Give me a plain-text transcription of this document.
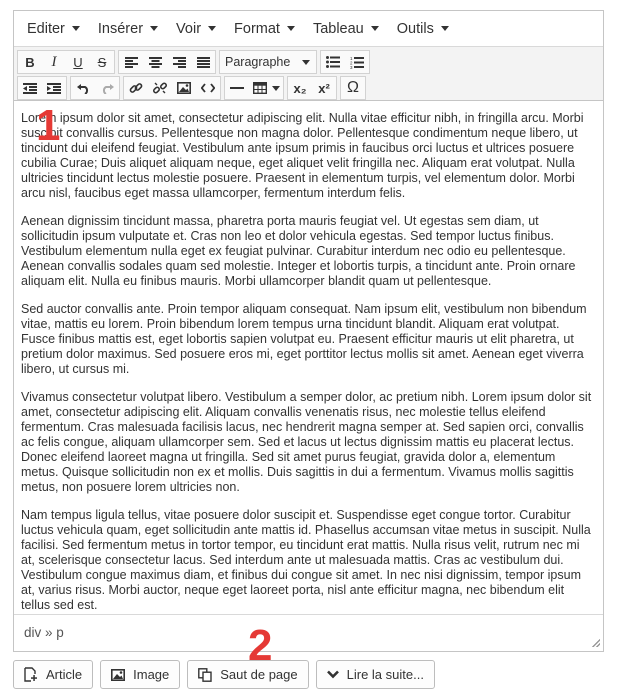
Editer Insérer Voir Format Tableau Outils
B I U S	Paragraphe	1
2
3
x₂ x² Ω

Lorem ipsum dolor sit amet, consectetur adipiscing elit. Nulla vitae efficitur nibh, in fringilla arcu. Morbi suscipit convallis cursus. Pellentesque non magna dolor. Pellentesque condimentum neque libero, ut tincidunt dui eleifend feugiat. Vestibulum ante ipsum primis in faucibus orci luctus et ultrices posuere cubilia Curae; Duis aliquet aliquam neque, eget aliquet velit fringilla nec. Aliquam erat volutpat. Nulla ultricies tincidunt lectus molestie posuere. Praesent in elementum turpis, vel elementum dolor. Morbi arcu nisl, faucibus eget massa ullamcorper, fermentum interdum felis.

Aenean dignissim tincidunt massa, pharetra porta mauris feugiat vel. Ut egestas sem diam, ut sollicitudin ipsum vulputate et. Cras non leo et dolor vehicula egestas. Sed tempor luctus finibus. Vestibulum elementum nulla eget ex feugiat pulvinar. Curabitur interdum nec odio eu pellentesque. Aenean convallis sodales quam sed molestie. Integer et lobortis turpis, a tincidunt ante. Proin ornare aliquam elit. Nulla eu finibus mauris. Morbi ullamcorper blandit quam ut pellentesque.

Sed auctor convallis ante. Proin tempor aliquam consequat. Nam ipsum elit, vestibulum non bibendum vitae, mattis eu lorem. Proin bibendum lorem tempus urna tincidunt blandit. Aliquam erat volutpat. Fusce finibus mattis est, eget lobortis sapien volutpat eu. Praesent efficitur mauris ut elit pharetra, ut pretium dolor maximus. Sed posuere eros mi, eget porttitor lectus mollis sit amet. Aenean eget viverra libero, ut cursus mi.

Vivamus consectetur volutpat libero. Vestibulum a semper dolor, ac pretium nibh. Lorem ipsum dolor sit amet, consectetur adipiscing elit. Aliquam convallis venenatis risus, nec molestie tellus eleifend fermentum. Cras malesuada facilisis lacus, nec hendrerit magna semper at. Sed sapien orci, convallis ac felis congue, aliquam ullamcorper sem. Sed et lacus ut lectus dignissim mattis eu placerat lectus. Donec eleifend laoreet magna ut fringilla. Sed sit amet purus feugiat, gravida dolor a, elementum metus. Quisque sollicitudin non ex et mollis. Duis sagittis in dui a fermentum. Vivamus mollis sagittis metus, non posuere lorem ultricies non.

Nam tempus ligula tellus, vitae posuere dolor suscipit et. Suspendisse eget congue tortor. Curabitur luctus vehicula quam, eget sollicitudin ante mattis id. Phasellus accumsan vitae metus in suscipit. Nulla facilisi. Sed fermentum metus in tortor tempor, eu tincidunt erat mattis. Nulla risus velit, rutrum nec mi at, scelerisque consectetur lacus. Sed interdum ante ut malesuada mattis. Cras ac vestibulum dui. Vestibulum congue maximus diam, et finibus dui congue sit amet. In nec nisi dignissim, tempor ipsum at, varius risus. Morbi auctor, neque eget laoreet porta, nisl ante efficitur magna, nec bibendum elit tellus sed est.

div » p
Article	Image	Saut de page	Lire la suite...
1
2
